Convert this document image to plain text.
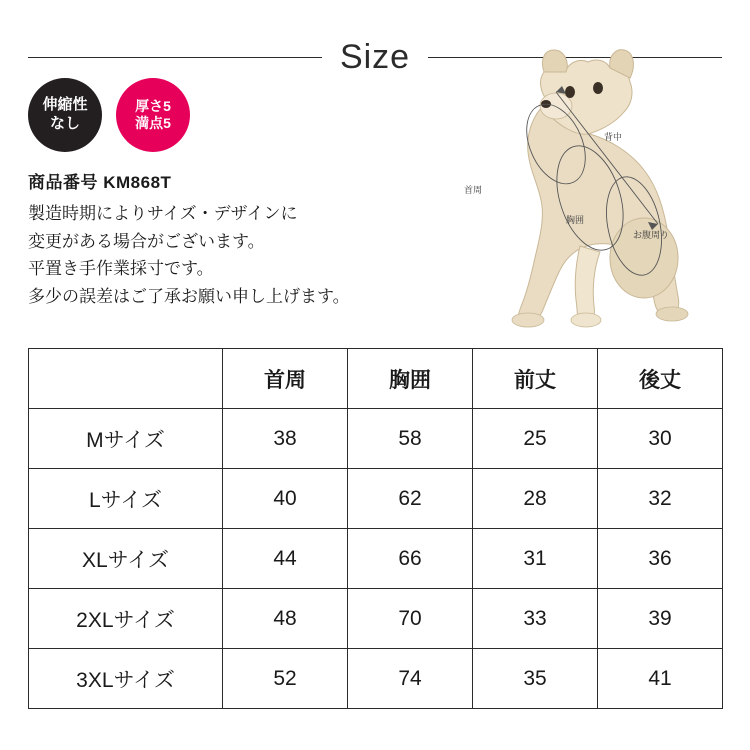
Size
伸縮性
なし
厚さ5
満点5
商品番号 KM868T
製造時期によりサイズ・デザインに
変更がある場合がございます。
平置き手作業採寸です。
多少の誤差はご了承お願い申し上げます。
背中
首周
胸囲
お腹周り
	首周	胸囲	前丈	後丈
Mサイズ	38	58	25	30
Lサイズ	40	62	28	32
XLサイズ	44	66	31	36
2XLサイズ	48	70	33	39
3XLサイズ	52	74	35	41
